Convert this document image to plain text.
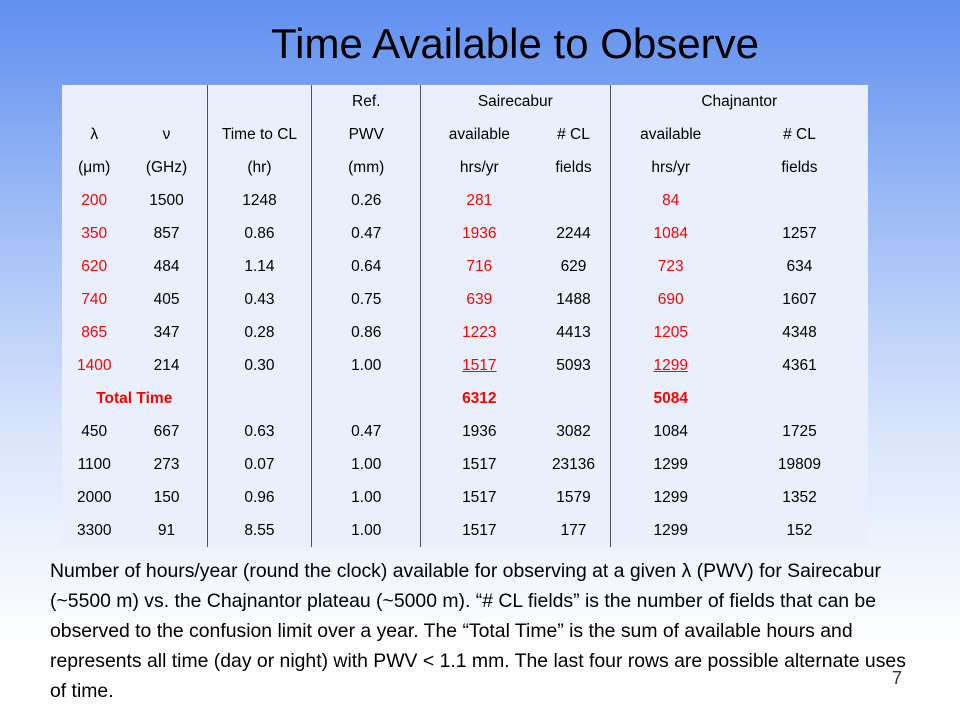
Time Available to Observe
			Ref.	Sairecabur		Chajnantor	
λ	ν	Time to CL	PWV	available	# CL	available	# CL
(μm)	(GHz)	(hr)	(mm)	hrs/yr	fields	hrs/yr	fields
200	1500	1248	0.26	281		84	
350	857	0.86	0.47	1936	2244	1084	1257
620	484	1.14	0.64	716	629	723	634
740	405	0.43	0.75	639	1488	690	1607
865	347	0.28	0.86	1223	4413	1205	4348
1400	214	0.30	1.00	1517	5093	1299	4361
Total Time				6312		5084	
450	667	0.63	0.47	1936	3082	1084	1725
1100	273	0.07	1.00	1517	23136	1299	19809
2000	150	0.96	1.00	1517	1579	1299	1352
3300	91	8.55	1.00	1517	177	1299	152
Number of hours/year (round the clock) available for observing at a given λ (PWV) for Sairecabur (~5500 m) vs. the Chajnantor plateau (~5000 m). “# CL fields” is the number of fields that can be observed to the confusion limit over a year. The “Total Time” is the sum of available hours and represents all time (day or night) with PWV < 1.1 mm. The last four rows are possible alternate uses of time.
7
